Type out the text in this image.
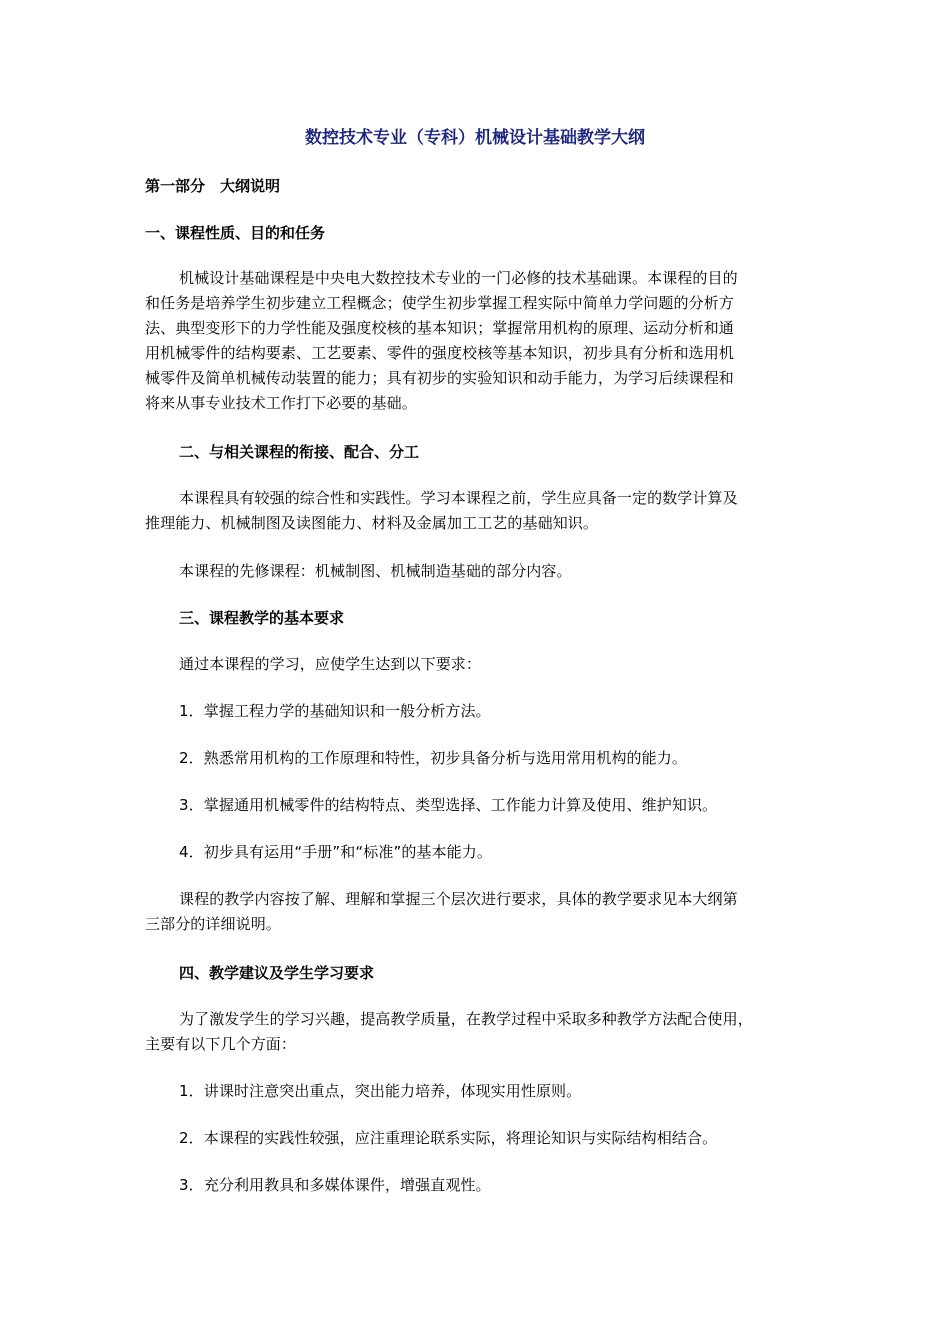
数控技术专业（专科）机械设计基础教学大纲
第一部分　大纲说明
一、课程性质、目的和任务
机械设计基础课程是中央电大数控技术专业的一门必修的技术基础课。本课程的目的
和任务是培养学生初步建立工程概念；使学生初步掌握工程实际中简单力学问题的分析方
法、典型变形下的力学性能及强度校核的基本知识；掌握常用机构的原理、运动分析和通
用机械零件的结构要素、工艺要素、零件的强度校核等基本知识，初步具有分析和选用机
械零件及简单机械传动装置的能力；具有初步的实验知识和动手能力，为学习后续课程和
将来从事专业技术工作打下必要的基础。
二、与相关课程的衔接、配合、分工
本课程具有较强的综合性和实践性。学习本课程之前，学生应具备一定的数学计算及
推理能力、机械制图及读图能力、材料及金属加工工艺的基础知识。
本课程的先修课程：机械制图、机械制造基础的部分内容。
三、课程教学的基本要求
通过本课程的学习，应使学生达到以下要求：
1．掌握工程力学的基础知识和一般分析方法。
2．熟悉常用机构的工作原理和特性，初步具备分析与选用常用机构的能力。
3．掌握通用机械零件的结构特点、类型选择、工作能力计算及使用、维护知识。
4．初步具有运用“手册”和“标准”的基本能力。
课程的教学内容按了解、理解和掌握三个层次进行要求，具体的教学要求见本大纲第
三部分的详细说明。
四、教学建议及学生学习要求
为了激发学生的学习兴趣，提高教学质量，在教学过程中采取多种教学方法配合使用，
主要有以下几个方面：
1．讲课时注意突出重点，突出能力培养，体现实用性原则。
2．本课程的实践性较强，应注重理论联系实际，将理论知识与实际结构相结合。
3．充分利用教具和多媒体课件，增强直观性。
